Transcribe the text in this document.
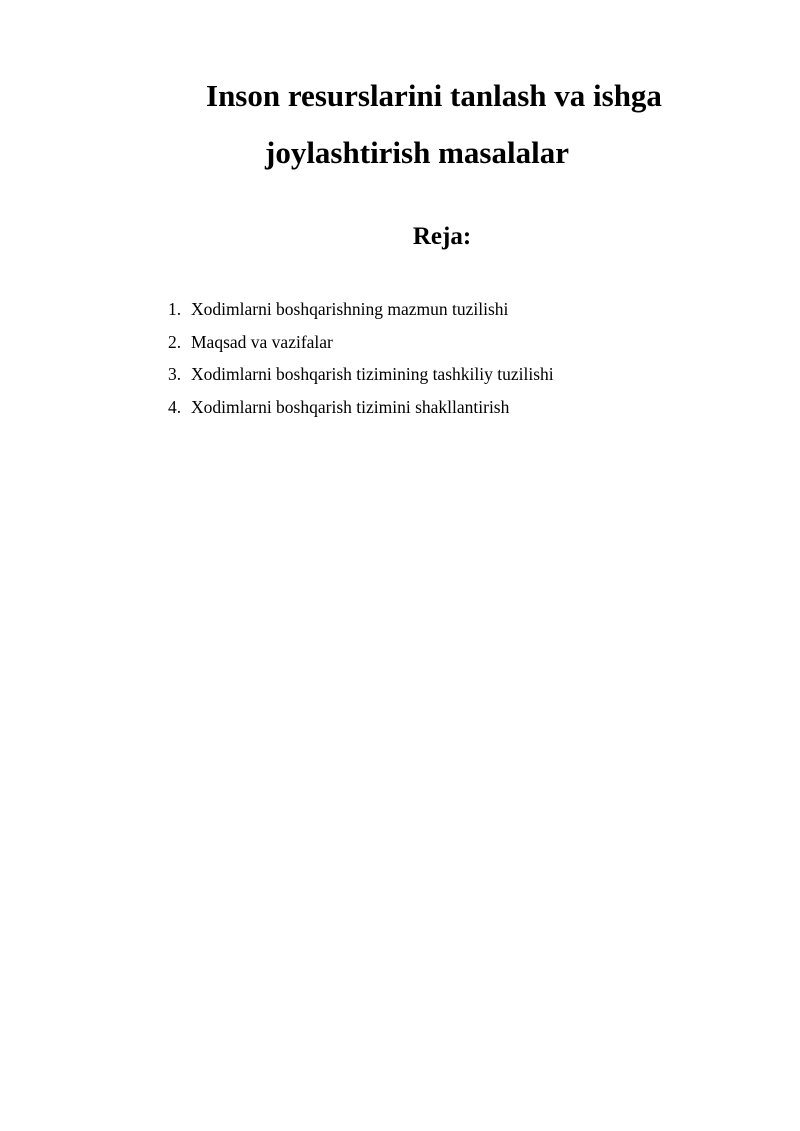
Inson resurslarini tanlash va ishga
joylashtirish masalalar
Reja:
1. Xodimlarni boshqarishning mazmun tuzilishi
2. Maqsad va vazifalar
3. Xodimlarni boshqarish tizimining tashkiliy tuzilishi
4. Xodimlarni boshqarish tizimini shakllantirish
